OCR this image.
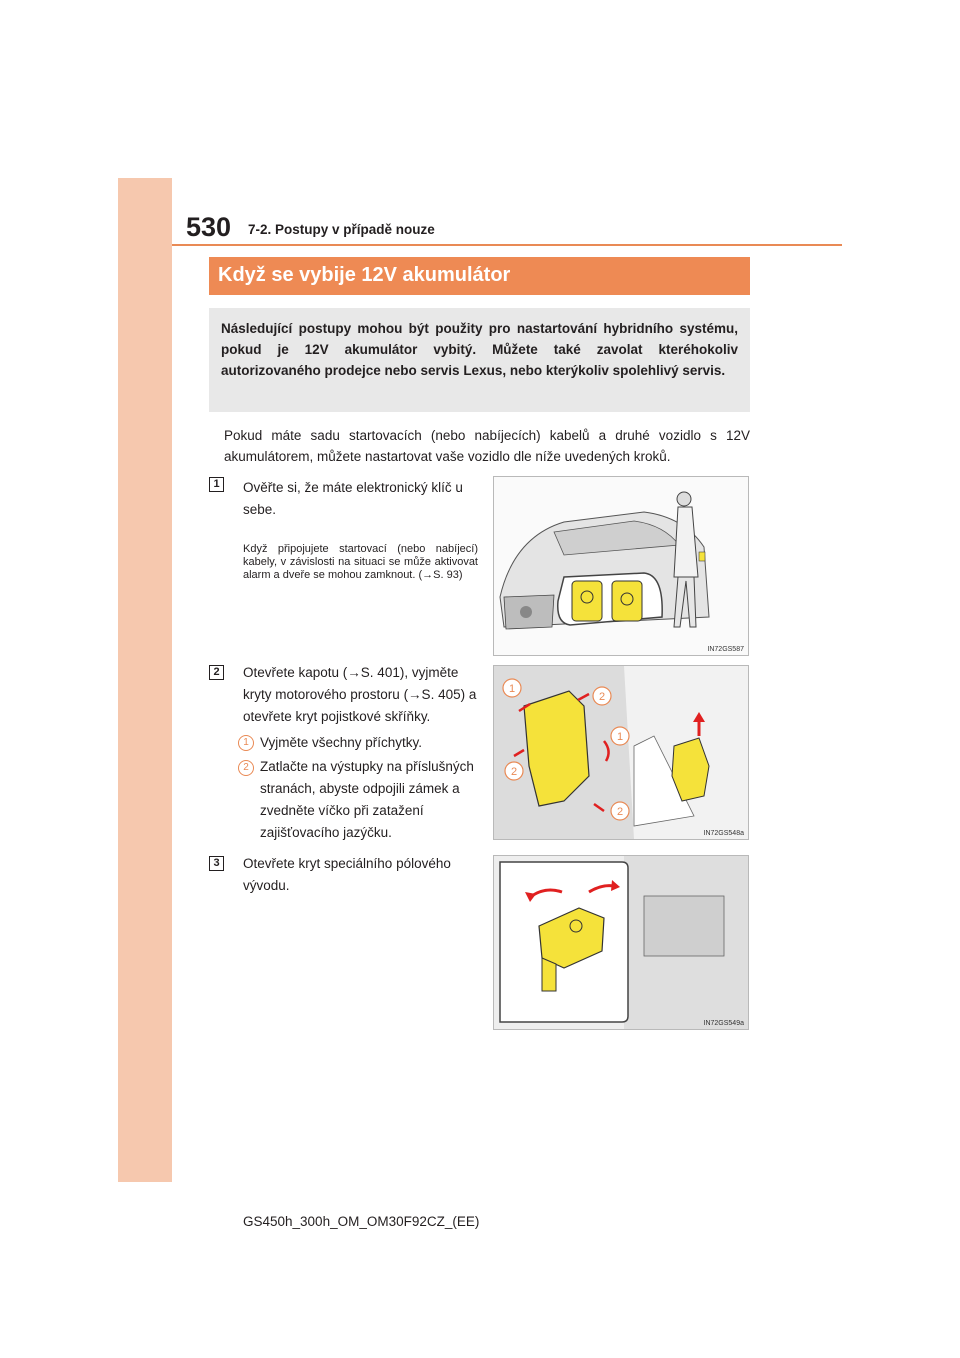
530 7-2. Postupy v případě nouze
Když se vybije 12V akumulátor
Následující postupy mohou být použity pro nastartování hybridního systému, pokud je 12V akumulátor vybitý. Můžete také zavolat kteréhokoliv autorizovaného prodejce nebo servis Lexus, nebo kterýkoliv spolehlivý servis.
Pokud máte sadu startovacích (nebo nabíjecích) kabelů a druhé vozidlo s 12V akumulátorem, můžete nastartovat vaše vozidlo dle níže uvedených kroků.
1	Ověřte si, že máte elektronický klíč u sebe.
Když připojujete startovací (nebo nabíjecí) kabely, v závislosti na situaci se může aktivovat alarm a dveře se mohou zamknout. (→S. 93)
IN72GS587
2	Otevřete kapotu (→S. 401), vyjměte kryty motorového prostoru (→S. 405) a otevřete kryt pojistkové skříňky.
1 Vyjměte všechny příchytky.
2 Zatlačte na výstupky na příslušných stranách, abyste odpojili zámek a zvedněte víčko při zatažení zajišťovacího jazýčku.
1
2
1
2
2
IN72GS548a
3	Otevřete kryt speciálního pólového vývodu.
IN72GS549a
GS450h_300h_OM_OM30F92CZ_(EE)
